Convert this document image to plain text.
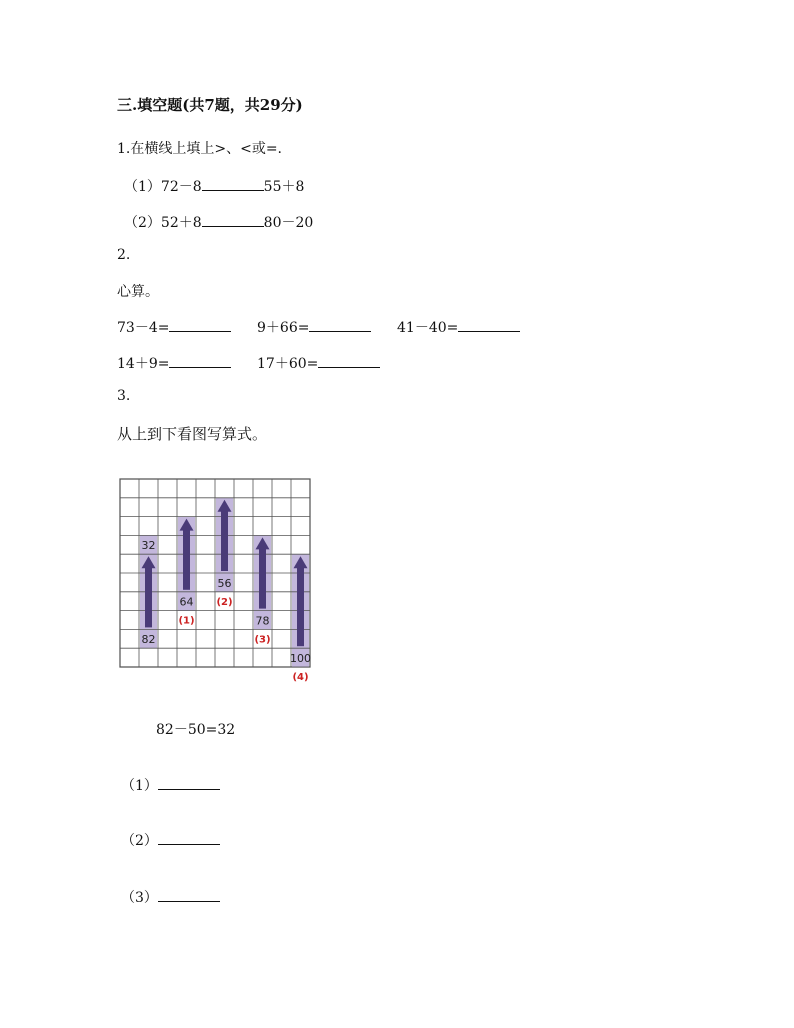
三.填空题(共7题，共29分)
1.在横线上填上>、<或=.
（1）72－8	55＋8
（2）52＋8	80－20
2.
心算。
73－4=	9＋66=	41－40=
14＋9=	17＋60=
3.
从上到下看图写算式。
82
32
64
(1)
56
(2)
78
(3)
100
(4)
82－50=32
（1）
（2）
（3）
